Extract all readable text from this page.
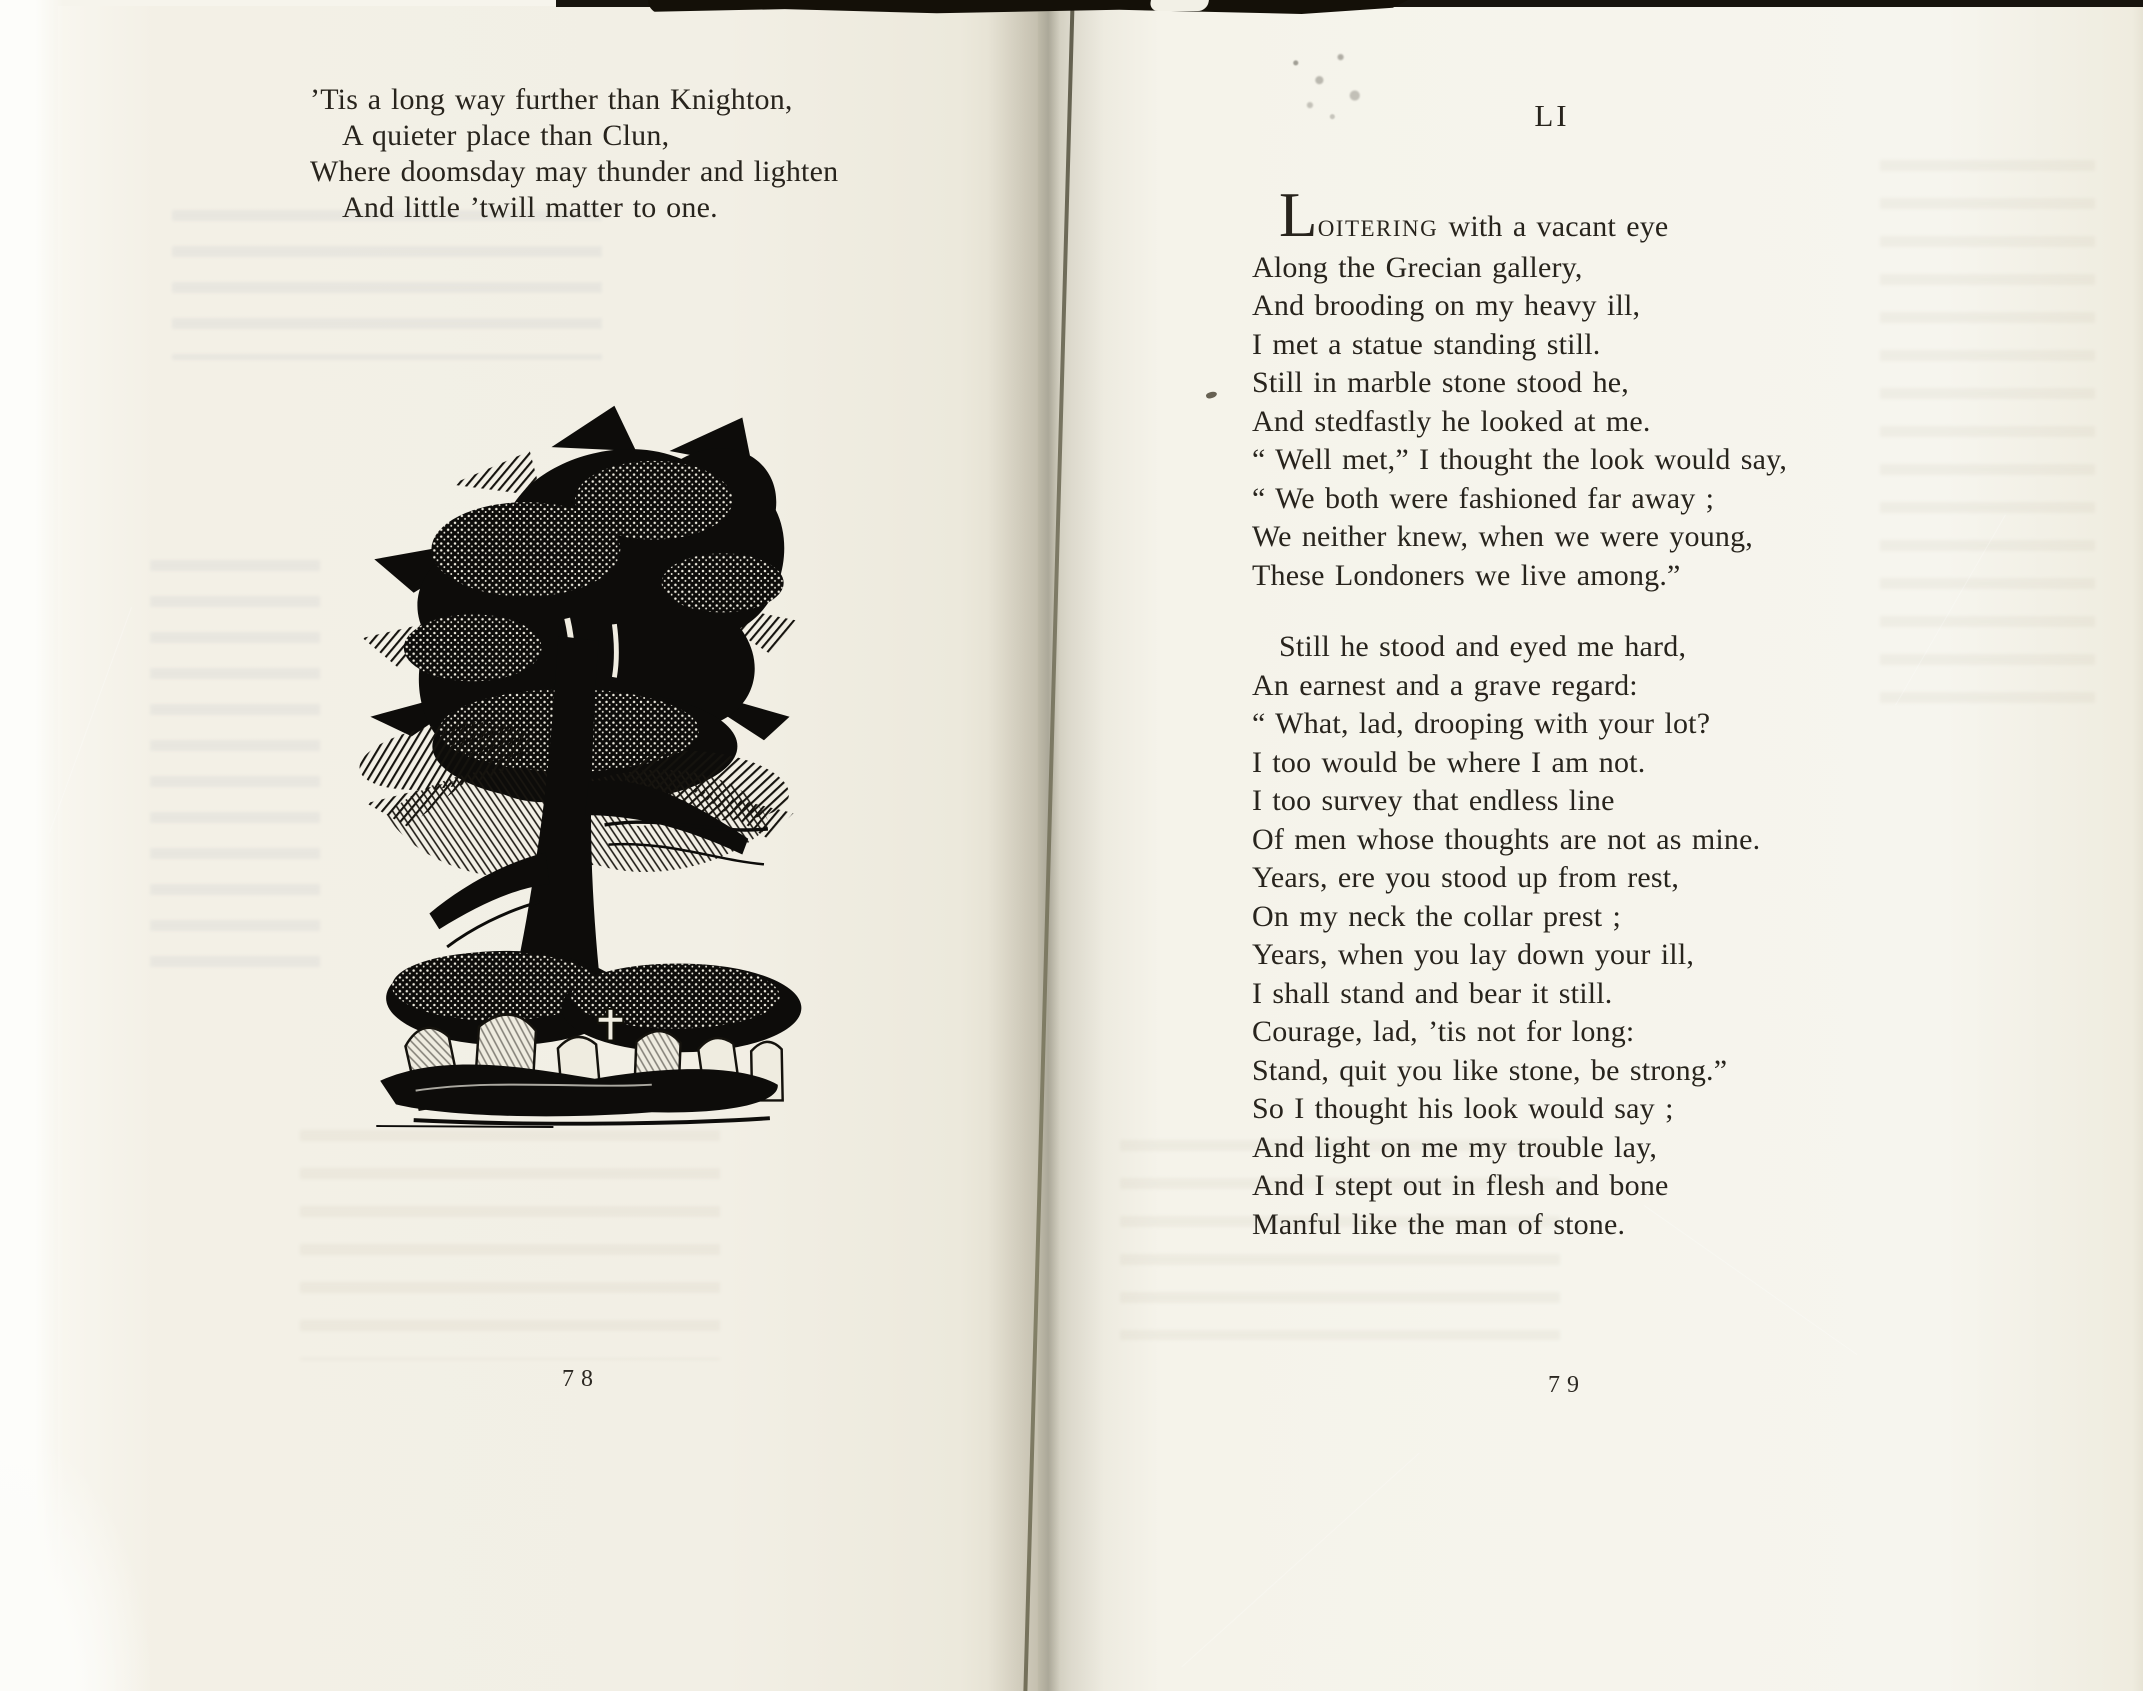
’Tis a long way further than Knighton,
A quieter place than Clun,
Where doomsday may thunder and lighten
And little ’twill matter to one.
78
LI
LOITERING with a vacant eye
Along the Grecian gallery,
And brooding on my heavy ill,
I met a statue standing still.
Still in marble stone stood he,
And stedfastly he looked at me.
“ Well met,” I thought the look would say,
“ We both were fashioned far away ;
We neither knew, when we were young,
These Londoners we live among.”
Still he stood and eyed me hard,
An earnest and a grave regard:
“ What, lad, drooping with your lot?
I too would be where I am not.
I too survey that endless line
Of men whose thoughts are not as mine.
Years, ere you stood up from rest,
On my neck the collar prest ;
Years, when you lay down your ill,
I shall stand and bear it still.
Courage, lad, ’tis not for long:
Stand, quit you like stone, be strong.”
So I thought his look would say ;
And light on me my trouble lay,
And I stept out in flesh and bone
Manful like the man of stone.
79
